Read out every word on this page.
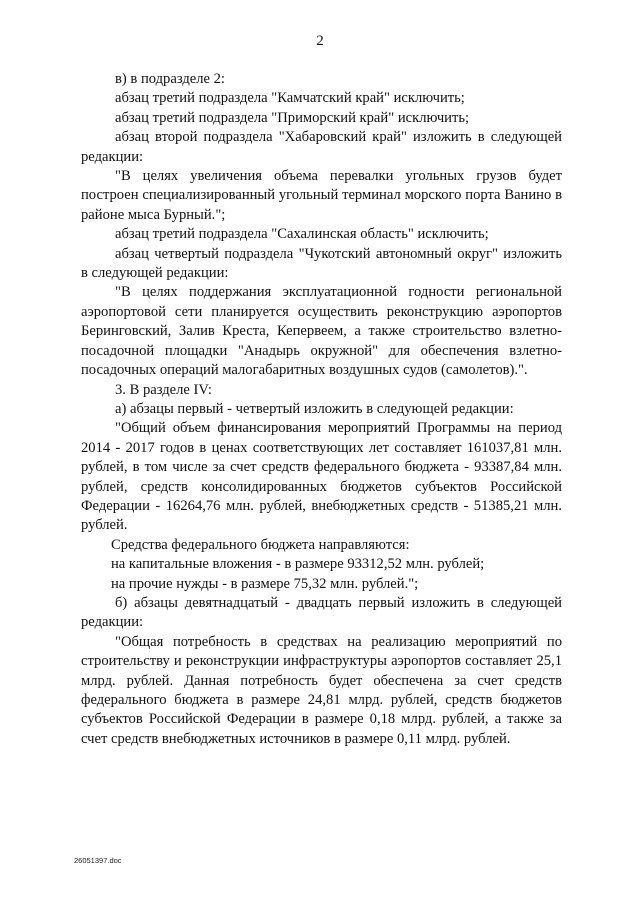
2

в) в подразделе 2:

абзац третий подраздела "Камчатский край" исключить;

абзац третий подраздела "Приморский край" исключить;

абзац второй подраздела "Хабаровский край" изложить в следующей редакции:

"В целях увеличения объема перевалки угольных грузов будет построен специализированный угольный терминал морского порта Ванино в районе мыса Бурный.";

абзац третий подраздела "Сахалинская область" исключить;

абзац четвертый подраздела "Чукотский автономный округ" изложить в следующей редакции:

"В целях поддержания эксплуатационной годности региональной аэропортовой сети планируется осуществить реконструкцию аэропортов Беринговский, Залив Креста, Кепервеем, а также строительство взлетно-посадочной площадки "Анадырь окружной" для обеспечения взлетно-посадочных операций малогабаритных воздушных судов (самолетов).".

3. В разделе IV:

а) абзацы первый - четвертый изложить в следующей редакции:

"Общий объем финансирования мероприятий Программы на период 2014 - 2017 годов в ценах соответствующих лет составляет 161037,81 млн. рублей, в том числе за счет средств федерального бюджета - 93387,84 млн. рублей, средств консолидированных бюджетов субъектов Российской Федерации - 16264,76 млн. рублей, внебюджетных средств - 51385,21 млн. рублей.

Средства федерального бюджета направляются:

на капитальные вложения - в размере 93312,52 млн. рублей;

на прочие нужды - в размере 75,32 млн. рублей.";

б) абзацы девятнадцатый - двадцать первый изложить в следующей редакции:

"Общая потребность в средствах на реализацию мероприятий по строительству и реконструкции инфраструктуры аэропортов составляет 25,1 млрд. рублей. Данная потребность будет обеспечена за счет средств федерального бюджета в размере 24,81 млрд. рублей, средств бюджетов субъектов Российской Федерации в размере 0,18 млрд. рублей, а также за счет средств внебюджетных источников в размере 0,11 млрд. рублей.

26051397.doc
